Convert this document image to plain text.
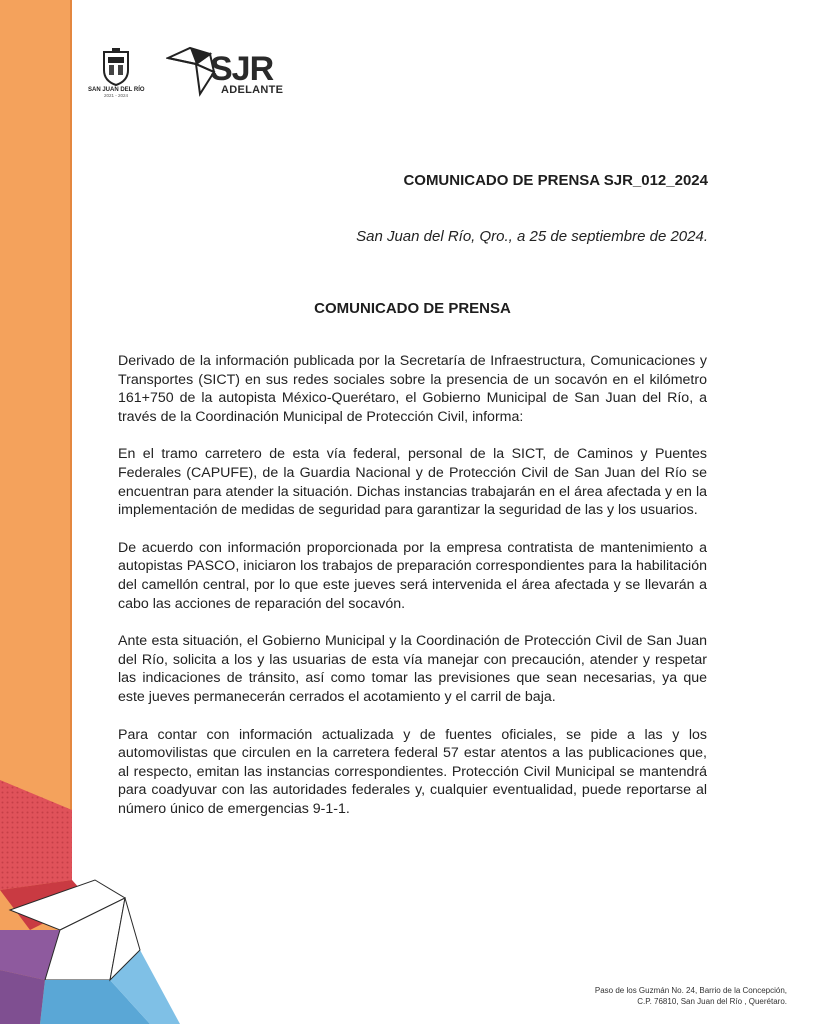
SAN JUAN DEL RÍO
2021 - 2024
SJR
ADELANTE
COMUNICADO DE PRENSA SJR_012_2024
San Juan del Río, Qro., a 25 de septiembre de 2024.
COMUNICADO DE PRENSA

Derivado de la información publicada por la Secretaría de Infraestructura, Comunicaciones y Transportes (SICT) en sus redes sociales sobre la presencia de un socavón en el kilómetro 161+750 de la autopista México-Querétaro, el Gobierno Municipal de San Juan del Río, a través de la Coordinación Municipal de Protección Civil, informa:

En el tramo carretero de esta vía federal, personal de la SICT, de Caminos y Puentes Federales (CAPUFE), de la Guardia Nacional y de Protección Civil de San Juan del Río se encuentran para atender la situación. Dichas instancias trabajarán en el área afectada y en la implementación de medidas de seguridad para garantizar la seguridad de las y los usuarios.

De acuerdo con información proporcionada por la empresa contratista de mantenimiento a autopistas PASCO, iniciaron los trabajos de preparación correspondientes para la habilitación del camellón central, por lo que este jueves será intervenida el área afectada y se llevarán a cabo las acciones de reparación del socavón.

Ante esta situación, el Gobierno Municipal y la Coordinación de Protección Civil de San Juan del Río, solicita a los y las usuarias de esta vía manejar con precaución, atender y respetar las indicaciones de tránsito, así como tomar las previsiones que sean necesarias, ya que este jueves permanecerán cerrados el acotamiento y el carril de baja.

Para contar con información actualizada y de fuentes oficiales, se pide a las y los automovilistas que circulen en la carretera federal 57 estar atentos a las publicaciones que, al respecto, emitan las instancias correspondientes. Protección Civil Municipal se mantendrá para coadyuvar con las autoridades federales y, cualquier eventualidad, puede reportarse al número único de emergencias 9-1-1.

Paso de los Guzmán No. 24, Barrio de la Concepción,
C.P. 76810, San Juan del Río , Querétaro.
